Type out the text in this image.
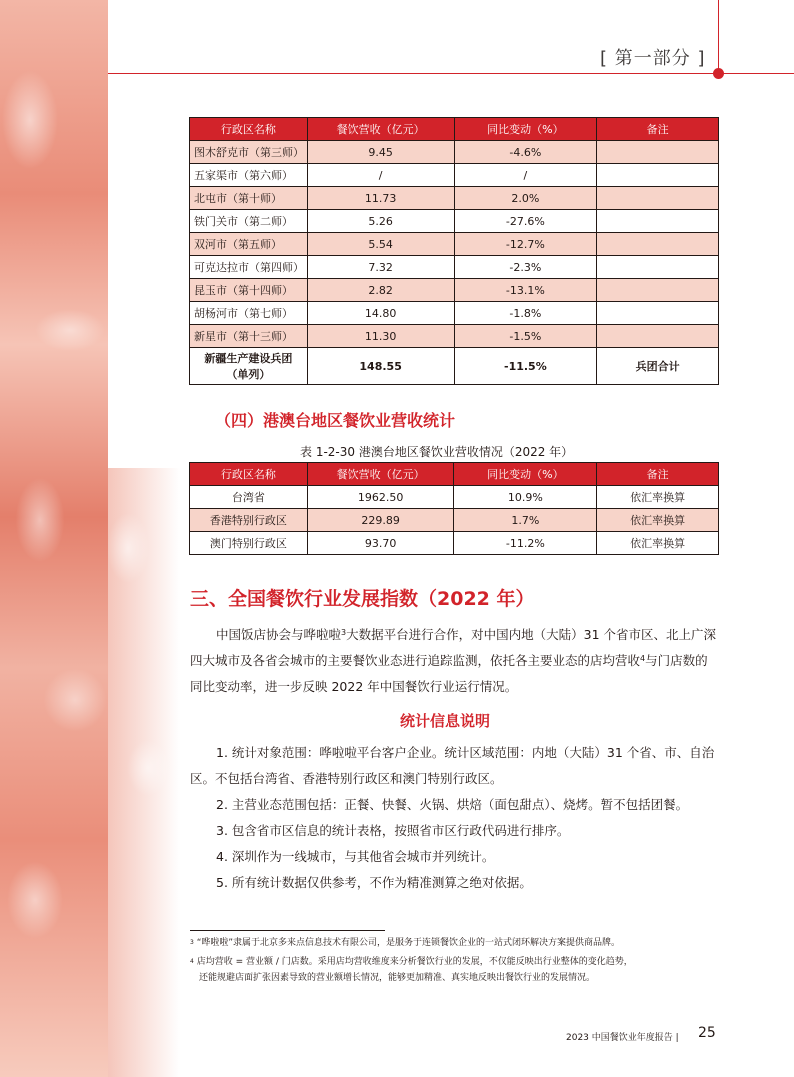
[ 第一部分 ]
行政区名称	餐饮营收（亿元）	同比变动（%）	备注
图木舒克市（第三师）	9.45	-4.6%	
五家渠市（第六师）	/	/	
北屯市（第十师）	11.73	2.0%	
铁门关市（第二师）	5.26	-27.6%	
双河市（第五师）	5.54	-12.7%	
可克达拉市（第四师）	7.32	-2.3%	
昆玉市（第十四师）	2.82	-13.1%	
胡杨河市（第七师）	14.80	-1.8%	
新星市（第十三师）	11.30	-1.5%	

新疆生产建设兵团
（单列）	148.55	-11.5%	兵团合计
（四）港澳台地区餐饮业营收统计
表 1-2-30 港澳台地区餐饮业营收情况（2022 年）
行政区名称	餐饮营收（亿元）	同比变动（%）	备注
台湾省	1962.50	10.9%	依汇率换算
香港特别行政区	229.89	1.7%	依汇率换算
澳门特别行政区	93.70	-11.2%	依汇率换算
三、全国餐饮行业发展指数（2022 年）
中国饭店协会与哗啦啦$^3$大数据平台进行合作，对中国内地（大陆）31 个省市区、北上广深四大城市及各省会城市的主要餐饮业态进行追踪监测，依托各主要业态的店均营收$^4$与门店数的同比变动率，进一步反映 2022 年中国餐饮行业运行情况。
统计信息说明
1. 统计对象范围：哗啦啦平台客户企业。统计区域范围：内地（大陆）31 个省、市、自治区。不包括台湾省、香港特别行政区和澳门特别行政区。
2. 主营业态范围包括：正餐、快餐、火锅、烘焙（面包甜点）、烧烤。暂不包括团餐。
3. 包含省市区信息的统计表格，按照省市区行政代码进行排序。
4. 深圳作为一线城市，与其他省会城市并列统计。
5. 所有统计数据仅供参考，不作为精准测算之绝对依据。
$^3$ “哗啦啦”隶属于北京多来点信息技术有限公司，是服务于连锁餐饮企业的一站式闭环解决方案提供商品牌。
$^4$ 店均营收 = 营业额 / 门店数。采用店均营收维度来分析餐饮行业的发展，不仅能反映出行业整体的变化趋势，
还能规避店面扩张因素导致的营业额增长情况，能够更加精准、真实地反映出餐饮行业的发展情况。
2023 中国餐饮业年度报告 | 25
